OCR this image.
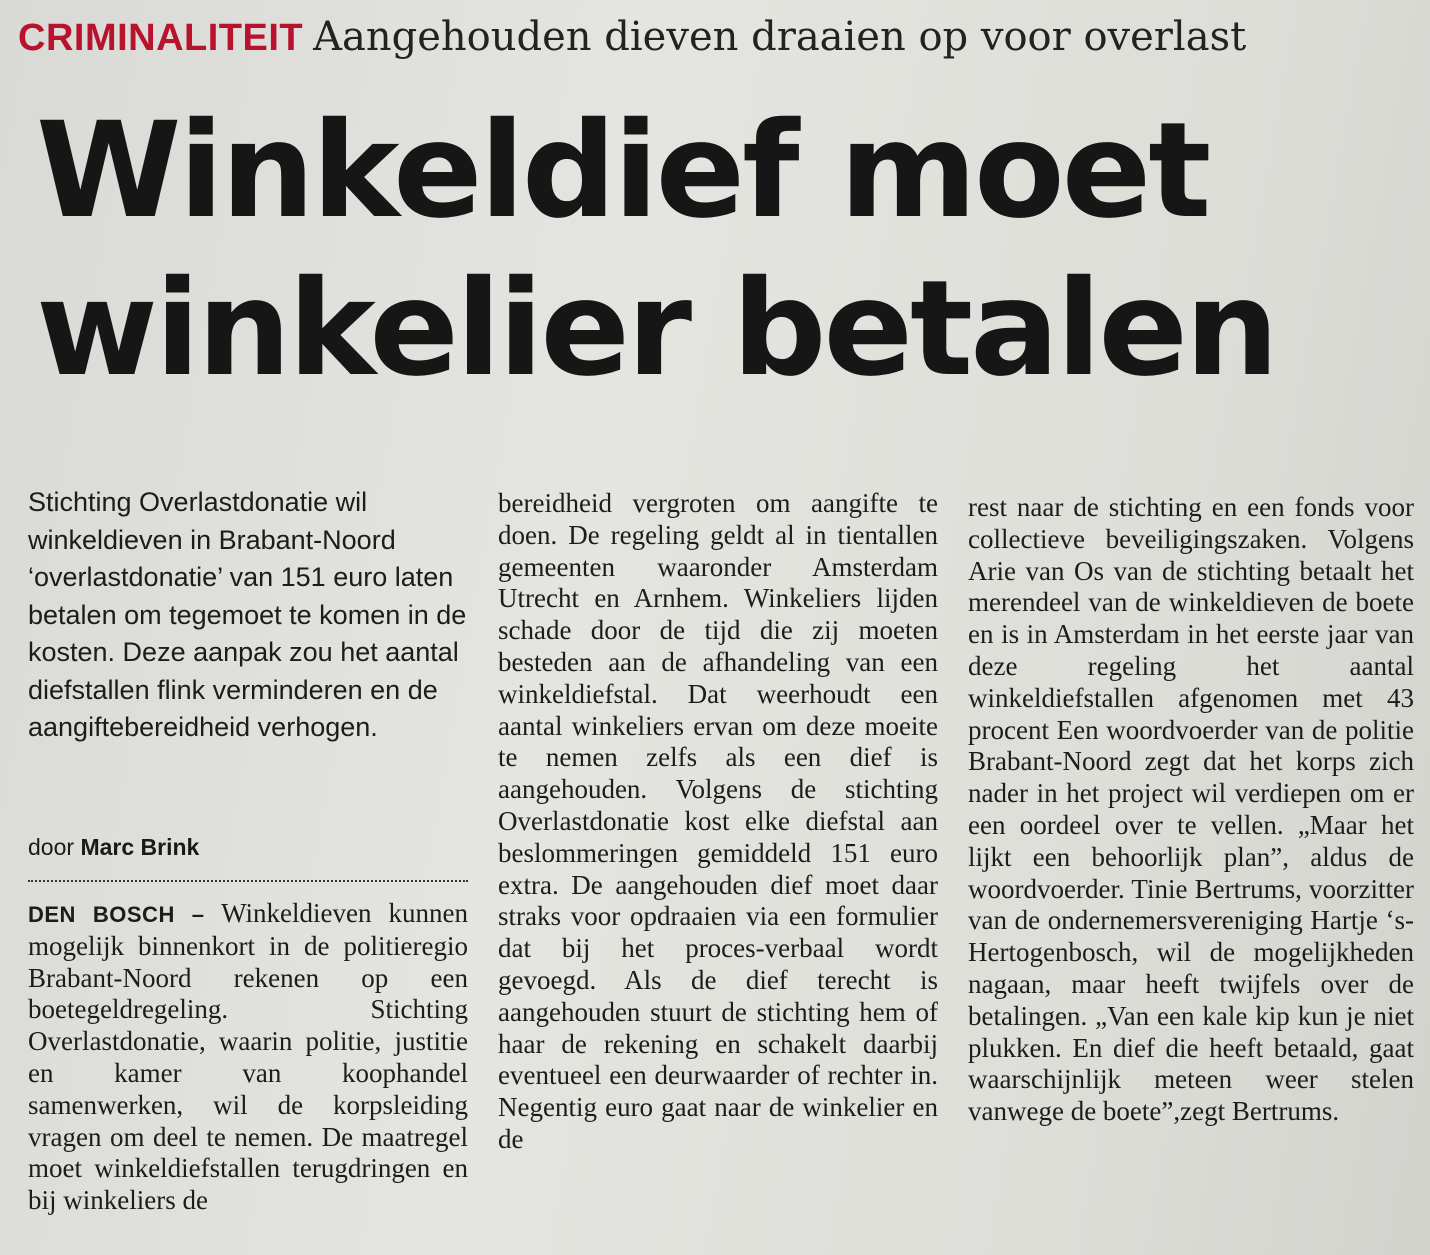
CRIMINALITEIT Aangehouden dieven draaien op voor overlast
Winkeldief moet
winkelier betalen

Stichting Overlastdonatie wil winkeldieven in Brabant-Noord ‘overlastdonatie’ van 151 euro laten betalen om tegemoet te komen in de kosten. Deze aanpak zou het aantal diefstallen flink verminderen en de aangiftebereidheid verhogen.

door Marc Brink

DEN BOSCH – Winkeldieven kunnen mogelijk binnenkort in de politieregio Brabant-Noord rekenen op een boetegeldregeling. Stichting Overlastdonatie, waarin politie, justitie en kamer van koophandel samenwerken, wil de korpsleiding vragen om deel te nemen. De maatregel moet winkeldiefstallen terugdringen en bij winkeliers de

bereidheid vergroten om aangifte te doen. De regeling geldt al in tientallen gemeenten waaronder Amsterdam Utrecht en Arnhem. Winkeliers lijden schade door de tijd die zij moeten besteden aan de afhandeling van een winkeldiefstal. Dat weerhoudt een aantal winkeliers ervan om deze moeite te nemen zelfs als een dief is aangehouden. Volgens de stichting Overlastdonatie kost elke diefstal aan beslommeringen gemiddeld 151 euro extra. De aangehouden dief moet daar straks voor opdraaien via een formulier dat bij het proces-verbaal wordt gevoegd. Als de dief terecht is aangehouden stuurt de stichting hem of haar de rekening en schakelt daarbij eventueel een deurwaarder of rechter in. Negentig euro gaat naar de winkelier en de

rest naar de stichting en een fonds voor collectieve beveiligingszaken. Volgens Arie van Os van de stichting betaalt het merendeel van de winkeldieven de boete en is in Amsterdam in het eerste jaar van deze regeling het aantal winkeldiefstallen afgenomen met 43 procent Een woordvoerder van de politie Brabant-Noord zegt dat het korps zich nader in het project wil verdiepen om er een oordeel over te vellen. „Maar het lijkt een behoorlijk plan”, aldus de woordvoerder. Tinie Bertrums, voorzitter van de ondernemersvereniging Hartje ‘s-Hertogenbosch, wil de mogelijkheden nagaan, maar heeft twijfels over de betalingen. „Van een kale kip kun je niet plukken. En dief die heeft betaald, gaat waarschijnlijk meteen weer stelen vanwege de boete”,zegt Bertrums.
